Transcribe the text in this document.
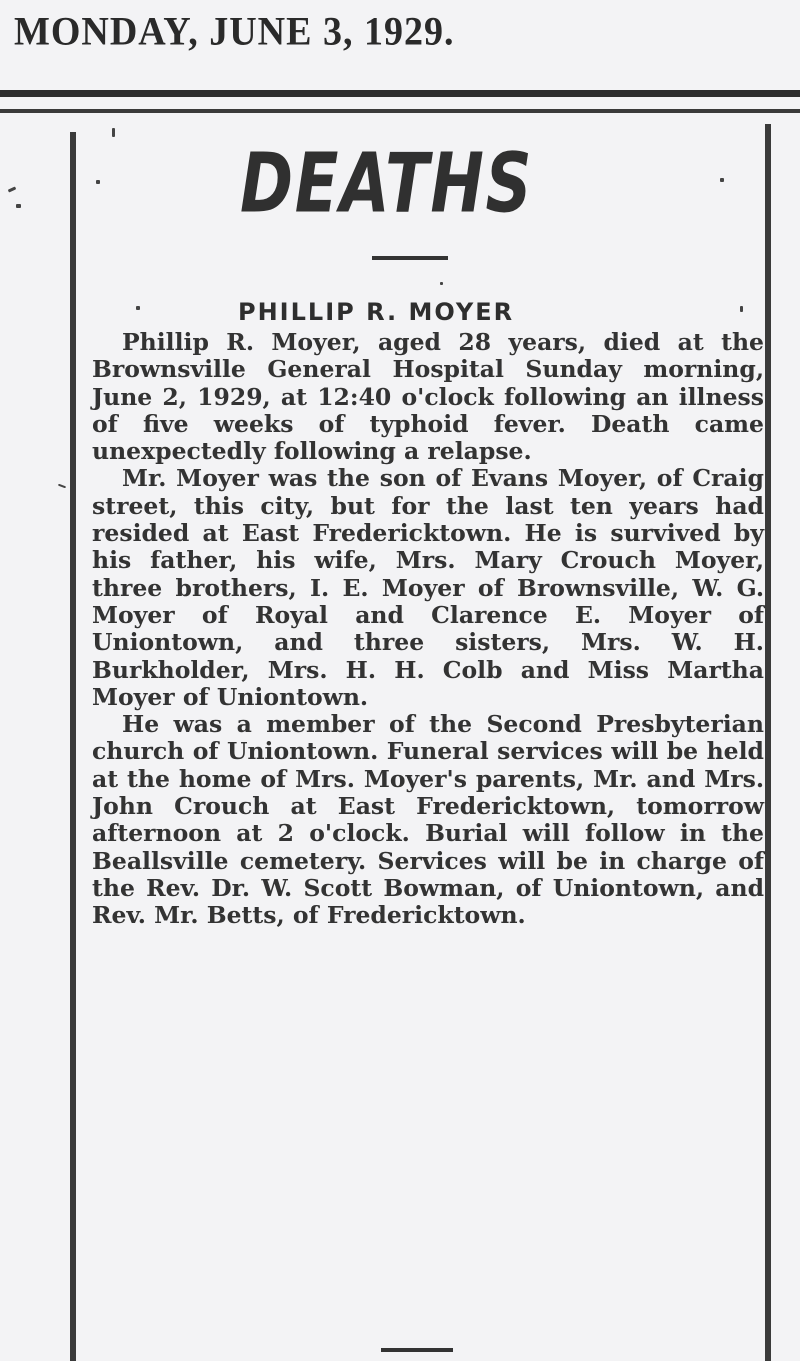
MONDAY, JUNE 3, 1929.
DEATHS
PHILLIP R. MOYER

Phillip R. Moyer, aged 28 years, died at the Brownsville General Hospital Sunday morning, June 2, 1929, at 12:40 o'clock following an illness of five weeks of typhoid fever. Death came unexpectedly following a relapse.

Mr. Moyer was the son of Evans Moyer, of Craig street, this city, but for the last ten years had resided at East Fredericktown. He is survived by his father, his wife, Mrs. Mary Crouch Moyer, three brothers, I. E. Moyer of Brownsville, W. G. Moyer of Royal and Clarence E. Moyer of Uniontown, and three sisters, Mrs. W. H. Burkholder, Mrs. H. H. Colb and Miss Martha Moyer of Uniontown.

He was a member of the Second Presbyterian church of Uniontown. Funeral services will be held at the home of Mrs. Moyer's parents, Mr. and Mrs. John Crouch at East Fredericktown, tomorrow afternoon at 2 o'clock. Burial will follow in the Beallsville cemetery. Services will be in charge of the Rev. Dr. W. Scott Bowman, of Uniontown, and Rev. Mr. Betts, of Fredericktown.
